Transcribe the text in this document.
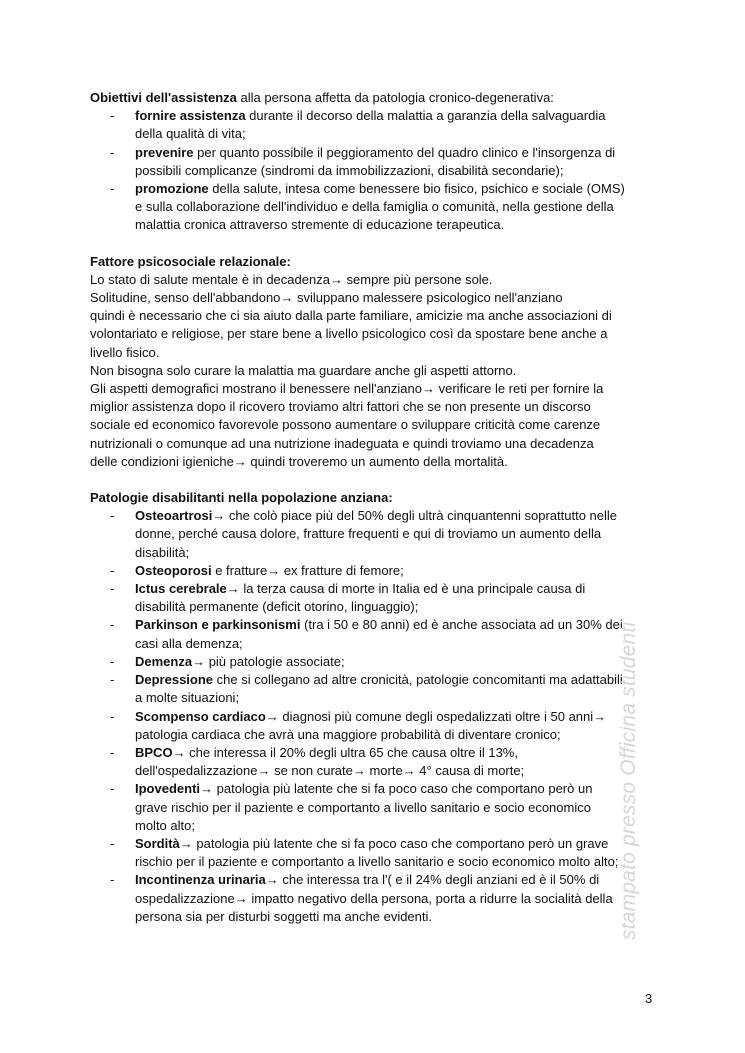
Obiettivi dell'assistenza alla persona affetta da patologia cronico-degenerativa:
- fornire assistenza durante il decorso della malattia a garanzia della salvaguardia
della qualità di vita;
- prevenire per quanto possibile il peggioramento del quadro clinico e l'insorgenza di
possibili complicanze (sindromi da immobilizzazioni, disabilità secondarie);
- promozione della salute, intesa come benessere bio fisico, psichico e sociale (OMS)
e sulla collaborazione dell'individuo e della famiglia o comunità, nella gestione della
malattia cronica attraverso stremente di educazione terapeutica.
Fattore psicosociale relazionale:
Lo stato di salute mentale è in decadenza→ sempre più persone sole.
Solitudine, senso dell'abbandono→ sviluppano malessere psicologico nell'anziano
quindi è necessario che ci sia aiuto dalla parte familiare, amicizie ma anche associazioni di
volontariato e religiose, per stare bene a livello psicologico così da spostare bene anche a
livello fisico.
Non bisogna solo curare la malattia ma guardare anche gli aspetti attorno.
Gli aspetti demografici mostrano il benessere nell'anziano→ verificare le reti per fornire la
miglior assistenza dopo il ricovero troviamo altri fattori che se non presente un discorso
sociale ed economico favorevole possono aumentare o sviluppare criticità come carenze
nutrizionali o comunque ad una nutrizione inadeguata e quindi troviamo una decadenza
delle condizioni igieniche→ quindi troveremo un aumento della mortalità.
Patologie disabilitanti nella popolazione anziana:
- Osteoartrosi→ che colò piace più del 50% degli ultrà cinquantenni soprattutto nelle
donne, perché causa dolore, fratture frequenti e qui di troviamo un aumento della
disabilità;
- Osteoporosi e fratture→ ex fratture di femore;
- Ictus cerebrale→ la terza causa di morte in Italia ed è una principale causa di
disabilità permanente (deficit otorino, linguaggio);
- Parkinson e parkinsonismi (tra i 50 e 80 anni) ed è anche associata ad un 30% dei
casi alla demenza;
- Demenza→ più patologie associate;
- Depressione che si collegano ad altre cronicità, patologie concomitanti ma adattabili
a molte situazioni;
- Scompenso cardiaco→ diagnosi più comune degli ospedalizzati oltre i 50 anni→
patologia cardiaca che avrà una maggiore probabilità di diventare cronico;
- BPCO→ che interessa il 20% degli ultra 65 che causa oltre il 13%,
dell'ospedalizzazione→ se non curate→ morte→ 4° causa di morte;
- Ipovedenti→ patologia più latente che si fa poco caso che comportano però un
grave rischio per il paziente e comportanto a livello sanitario e socio economico
molto alto;
- Sordità→ patologia più latente che si fa poco caso che comportano però un grave
rischio per il paziente e comportanto a livello sanitario e socio economico molto alto;
- Incontinenza urinaria→ che interessa tra l'( e il 24% degli anziani ed è il 50% di
ospedalizzazione→ impatto negativo della persona, porta a ridurre la socialità della
persona sia per disturbi soggetti ma anche evidenti.	stampato presso Officina studenti
3
